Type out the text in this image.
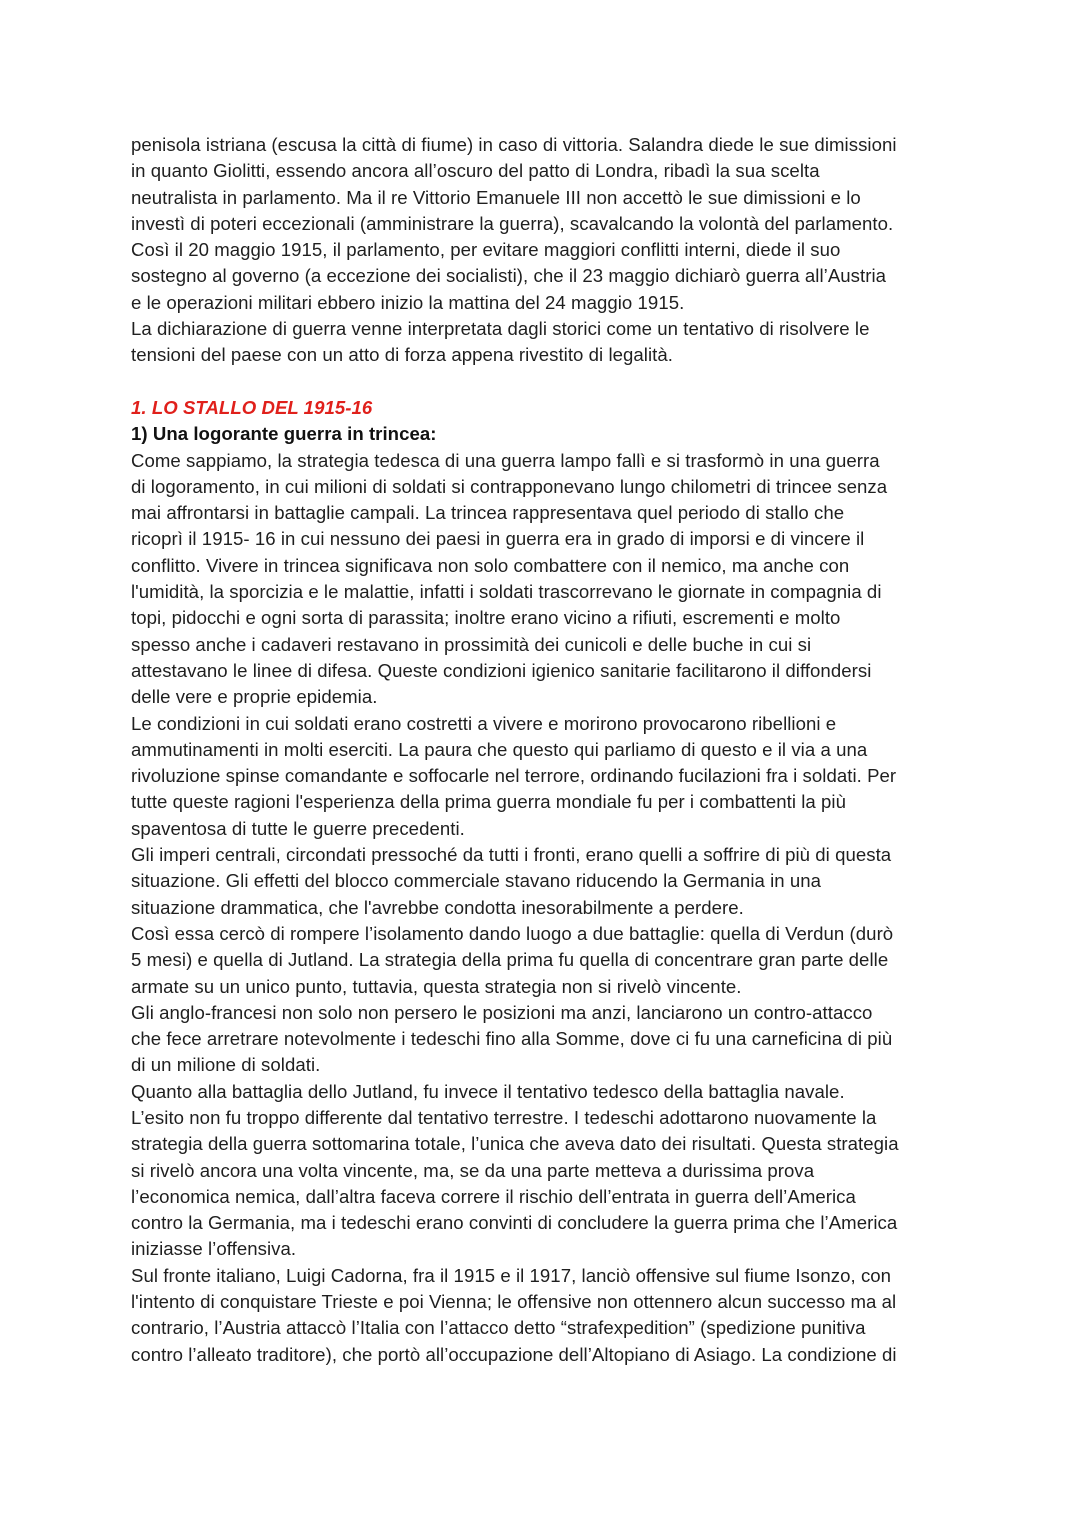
penisola istriana (escusa la città di fiume) in caso di vittoria. Salandra diede le sue dimissioni
in quanto Giolitti, essendo ancora all’oscuro del patto di Londra, ribadì la sua scelta
neutralista in parlamento. Ma il re Vittorio Emanuele III non accettò le sue dimissioni e lo
investì di poteri eccezionali (amministrare la guerra), scavalcando la volontà del parlamento.
Così il 20 maggio 1915, il parlamento, per evitare maggiori conflitti interni, diede il suo
sostegno al governo (a eccezione dei socialisti), che il 23 maggio dichiarò guerra all’Austria
e le operazioni militari ebbero inizio la mattina del 24 maggio 1915.
La dichiarazione di guerra venne interpretata dagli storici come un tentativo di risolvere le
tensioni del paese con un atto di forza appena rivestito di legalità.
1. LO STALLO DEL 1915-16
1) Una logorante guerra in trincea:
Come sappiamo, la strategia tedesca di una guerra lampo fallì e si trasformò in una guerra
di logoramento, in cui milioni di soldati si contrapponevano lungo chilometri di trincee senza
mai affrontarsi in battaglie campali. La trincea rappresentava quel periodo di stallo che
ricoprì il 1915- 16 in cui nessuno dei paesi in guerra era in grado di imporsi e di vincere il
conflitto. Vivere in trincea significava non solo combattere con il nemico, ma anche con
l'umidità, la sporcizia e le malattie, infatti i soldati trascorrevano le giornate in compagnia di
topi, pidocchi e ogni sorta di parassita; inoltre erano vicino a rifiuti, escrementi e molto
spesso anche i cadaveri restavano in prossimità dei cunicoli e delle buche in cui si
attestavano le linee di difesa. Queste condizioni igienico sanitarie facilitarono il diffondersi
delle vere e proprie epidemia.
Le condizioni in cui soldati erano costretti a vivere e morirono provocarono ribellioni e
ammutinamenti in molti eserciti. La paura che questo qui parliamo di questo e il via a una
rivoluzione spinse comandante e soffocarle nel terrore, ordinando fucilazioni fra i soldati. Per
tutte queste ragioni l'esperienza della prima guerra mondiale fu per i combattenti la più
spaventosa di tutte le guerre precedenti.
Gli imperi centrali, circondati pressoché da tutti i fronti, erano quelli a soffrire di più di questa
situazione. Gli effetti del blocco commerciale stavano riducendo la Germania in una
situazione drammatica, che l'avrebbe condotta inesorabilmente a perdere.
Così essa cercò di rompere l’isolamento dando luogo a due battaglie: quella di Verdun (durò
5 mesi) e quella di Jutland. La strategia della prima fu quella di concentrare gran parte delle
armate su un unico punto, tuttavia, questa strategia non si rivelò vincente.
Gli anglo-francesi non solo non persero le posizioni ma anzi, lanciarono un contro-attacco
che fece arretrare notevolmente i tedeschi fino alla Somme, dove ci fu una carneficina di più
di un milione di soldati.
Quanto alla battaglia dello Jutland, fu invece il tentativo tedesco della battaglia navale.
L’esito non fu troppo differente dal tentativo terrestre. I tedeschi adottarono nuovamente la
strategia della guerra sottomarina totale, l’unica che aveva dato dei risultati. Questa strategia
si rivelò ancora una volta vincente, ma, se da una parte metteva a durissima prova
l’economica nemica, dall’altra faceva correre il rischio dell’entrata in guerra dell’America
contro la Germania, ma i tedeschi erano convinti di concludere la guerra prima che l’America
iniziasse l’offensiva.
Sul fronte italiano, Luigi Cadorna, fra il 1915 e il 1917, lanciò offensive sul fiume Isonzo, con
l'intento di conquistare Trieste e poi Vienna; le offensive non ottennero alcun successo ma al
contrario, l’Austria attaccò l’Italia con l’attacco detto “strafexpedition” (spedizione punitiva
contro l’alleato traditore), che portò all’occupazione dell’Altopiano di Asiago. La condizione di
